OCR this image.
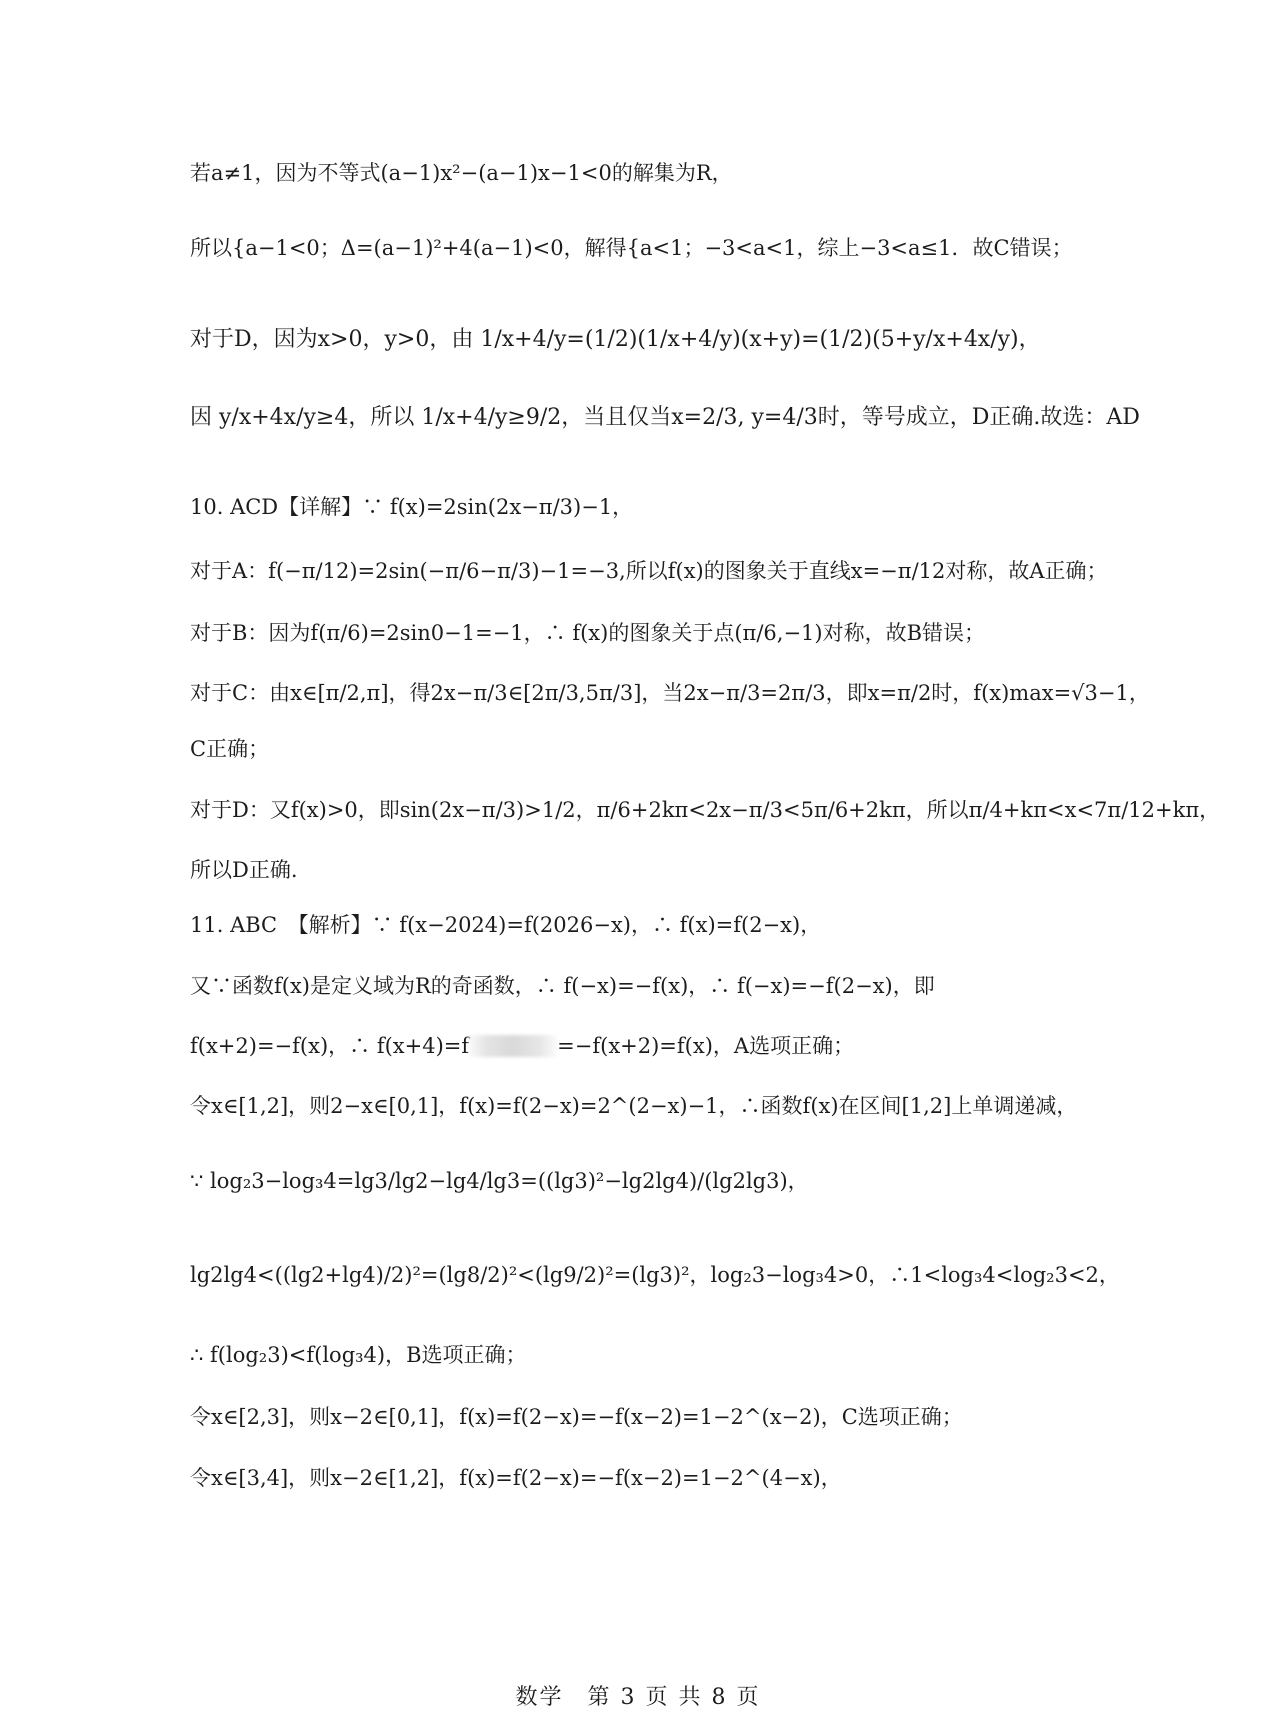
若a≠1，因为不等式(a−1)x²−(a−1)x−1<0的解集为R，
所以{a−1<0；Δ=(a−1)²+4(a−1)<0，解得{a<1；−3<a<1，综上−3<a≤1．故C错误；
对于D，因为x>0，y>0，由 1/x+4/y=(1/2)(1/x+4/y)(x+y)=(1/2)(5+y/x+4x/y)，
因 y/x+4x/y≥4，所以 1/x+4/y≥9/2，当且仅当x=2/3, y=4/3时，等号成立，D正确.故选：AD
10. ACD【详解】∵ f(x)=2sin(2x−π/3)−1，
对于A：f(−π/12)=2sin(−π/6−π/3)−1=−3,所以f(x)的图象关于直线x=−π/12对称，故A正确；
对于B：因为f(π/6)=2sin0−1=−1，∴ f(x)的图象关于点(π/6,−1)对称，故B错误；
对于C：由x∈[π/2,π]，得2x−π/3∈[2π/3,5π/3]，当2x−π/3=2π/3，即x=π/2时，f(x)max=√3−1，
C正确；
对于D：又f(x)>0，即sin(2x−π/3)>1/2，π/6+2kπ<2x−π/3<5π/6+2kπ，所以π/4+kπ<x<7π/12+kπ，
所以D正确.
11. ABC　【解析】∵ f(x−2024)=f(2026−x)，∴ f(x)=f(2−x)，
又∵函数f(x)是定义域为R的奇函数，∴ f(−x)=−f(x)，∴ f(−x)=−f(2−x)，即
f(x+2)=−f(x)，∴ f(x+4)=f	=−f(x+2)=f(x)，A选项正确；
令x∈[1,2]，则2−x∈[0,1]，f(x)=f(2−x)=2^(2−x)−1，∴函数f(x)在区间[1,2]上单调递减，
∵ log₂3−log₃4=lg3/lg2−lg4/lg3=((lg3)²−lg2lg4)/(lg2lg3)，
lg2lg4<((lg2+lg4)/2)²=(lg8/2)²<(lg9/2)²=(lg3)²，log₂3−log₃4>0，∴1<log₃4<log₂3<2，
∴ f(log₂3)<f(log₃4)，B选项正确；
令x∈[2,3]，则x−2∈[0,1]，f(x)=f(2−x)=−f(x−2)=1−2^(x−2)，C选项正确；
令x∈[3,4]，则x−2∈[1,2]，f(x)=f(2−x)=−f(x−2)=1−2^(4−x)，
数学　第 3 页 共 8 页
